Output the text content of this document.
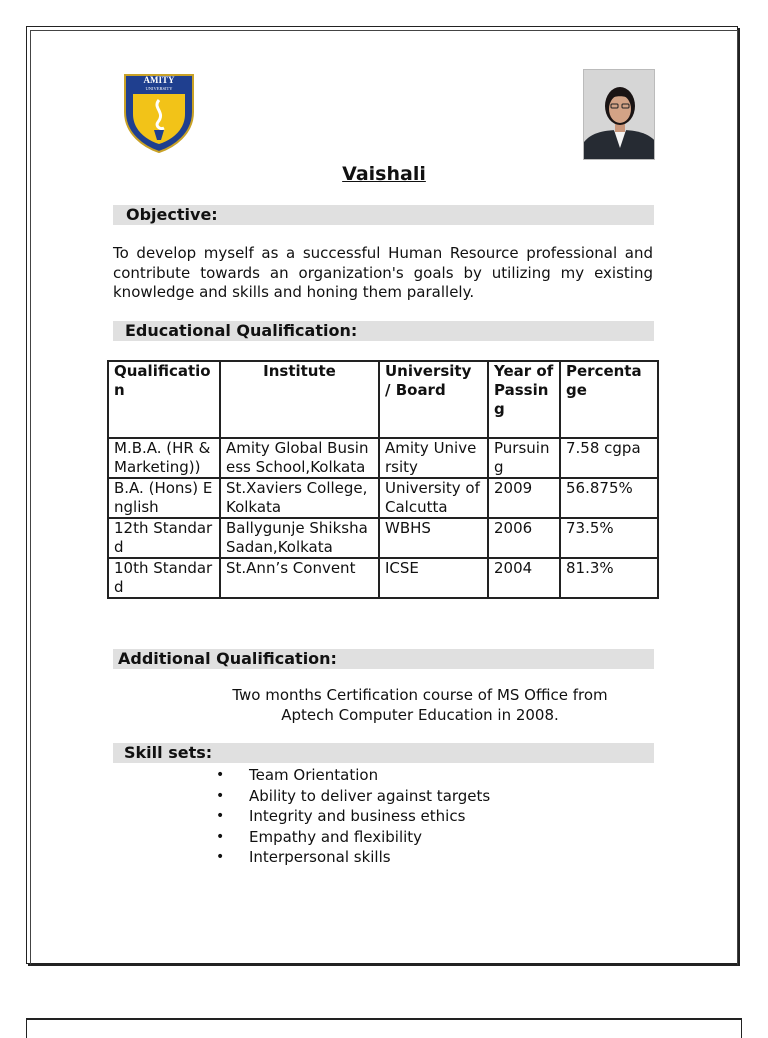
AMITY
UNIVERSITY
Vaishali
Objective:
To develop myself as a successful Human Resource professional and contribute towards an organization's goals by utilizing my existing knowledge and skills and honing them parallely.
Educational Qualification:
Qualification	Institute	University / Board	Year of Passing	Percentage
M.B.A. (HR & Marketing))	Amity Global Business School,Kolkata	Amity University	Pursuing	7.58 cgpa
B.A. (Hons) English	St.Xaviers College,Kolkata	University of Calcutta	2009	56.875%
12th Standard	Ballygunje Shiksha Sadan,Kolkata	WBHS	2006	73.5%
10th Standard	St.Ann’s Convent	ICSE	2004	81.3%
Additional Qualification:
Two months Certification course of MS Office from
Aptech Computer Education in 2008.
Skill sets:
• Team Orientation
• Ability to deliver against targets
• Integrity and business ethics
• Empathy and flexibility
• Interpersonal skills
